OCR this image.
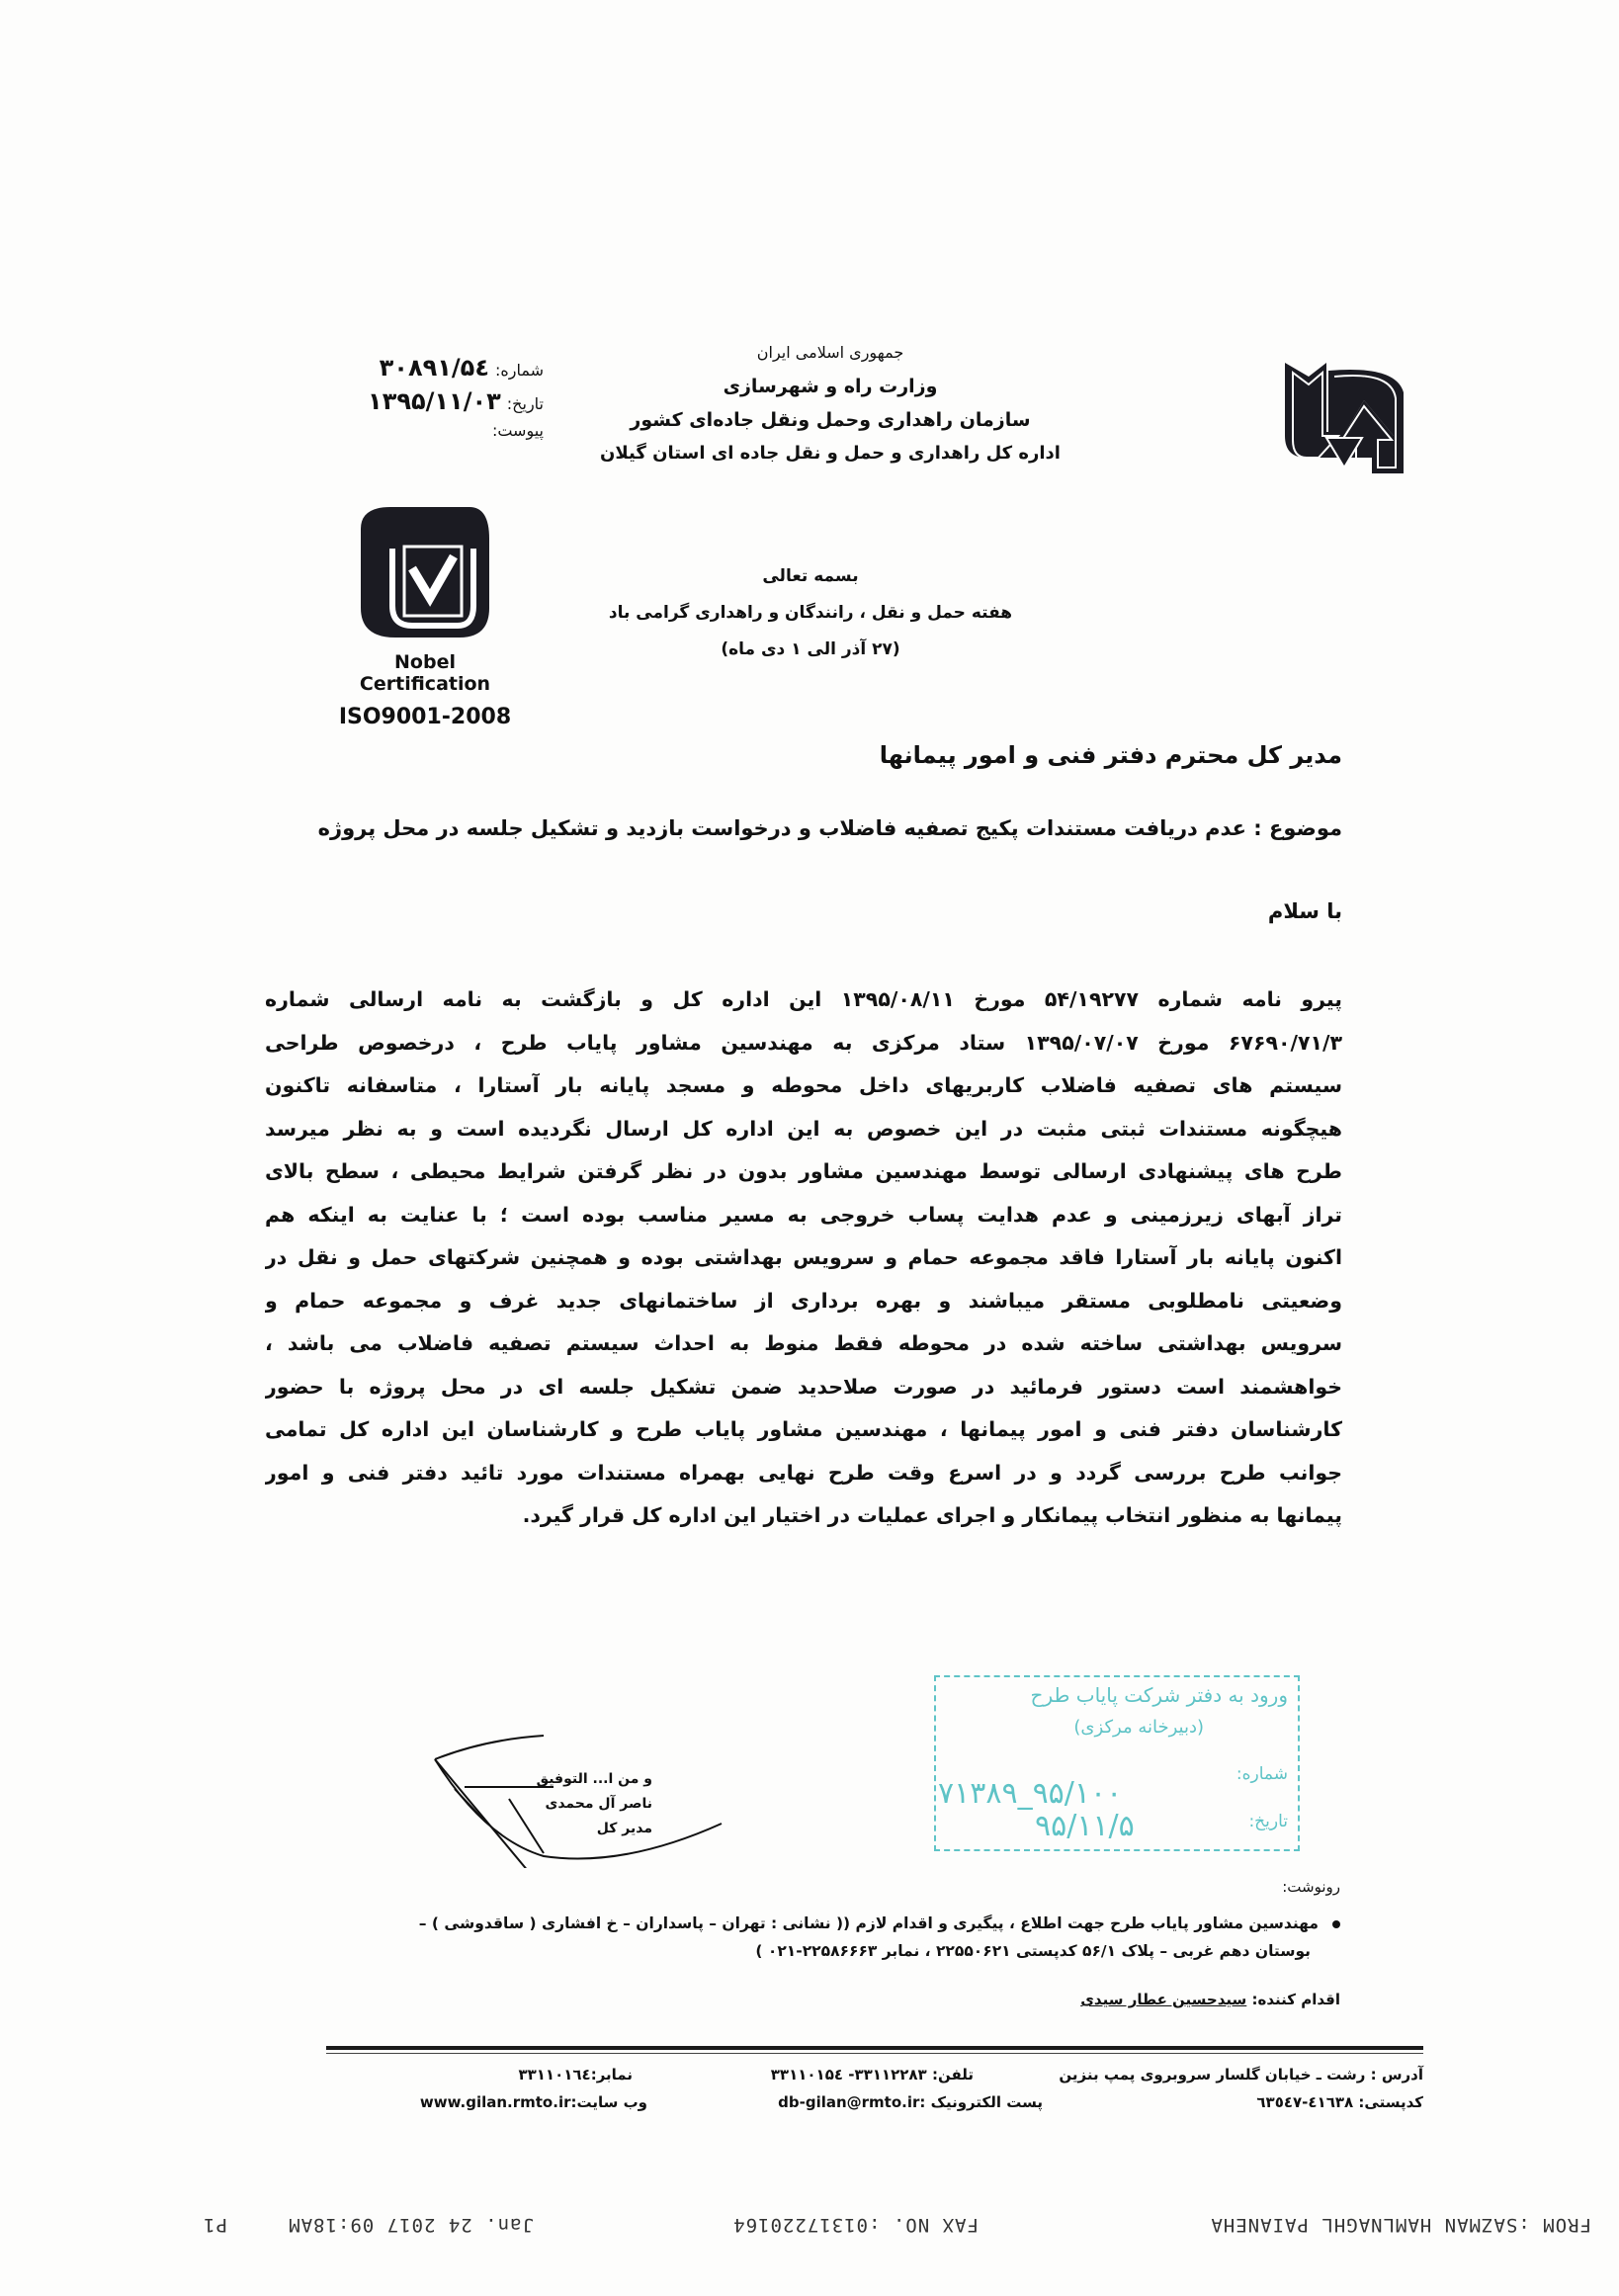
جمهوری اسلامی ایران
وزارت راه و شهرسازی
سازمان راهداری وحمل ونقل جاده‌ای کشور
اداره کل راهداری و حمل و نقل جاده ای استان گیلان
شماره:
۵٤/۳۰۸۹۱
تاریخ:
۱۳۹۵/۱۱/۰۳
پیوست:
Nobel
Certification
ISO9001-2008
بسمه تعالی
هفته حمل و نقل ، رانندگان و راهداری گرامی باد
(۲۷ آذر الی ۱ دی ماه)
مدیر کل محترم دفتر فنی و امور پیمانها
موضوع : عدم دریافت مستندات پکیج تصفیه فاضلاب و درخواست بازدید و تشکیل جلسه در محل پروژه
با سلام
پیرو نامه شماره ۵۴/۱۹۲۷۷ مورخ ۱۳۹۵/۰۸/۱۱ این اداره کل و بازگشت به نامه ارسالی شماره
۶۷۶۹۰/۷۱/۳ مورخ ۱۳۹۵/۰۷/۰۷ ستاد مرکزی به مهندسین مشاور پایاب طرح ، درخصوص طراحی
سیستم های تصفیه فاضلاب کاربریهای داخل محوطه و مسجد پایانه بار آستارا ، متاسفانه تاکنون
هیچگونه مستندات ثبتی مثبت در این خصوص به این اداره کل ارسال نگردیده است و به نظر میرسد
طرح های پیشنهادی ارسالی توسط مهندسین مشاور بدون در نظر گرفتن شرایط محیطی ، سطح بالای
تراز آبهای زیرزمینی و عدم هدایت پساب خروجی به مسیر مناسب بوده است ؛ با عنایت به اینکه هم
اکنون پایانه بار آستارا فاقد مجموعه حمام و سرویس بهداشتی بوده و همچنین شرکتهای حمل و نقل در
وضعیتی نامطلوبی مستقر میباشند و بهره برداری از ساختمانهای جدید غرف و مجموعه حمام و
سرویس بهداشتی ساخته شده در محوطه فقط منوط به احداث سیستم تصفیه فاضلاب می باشد ،
خواهشمند است دستور فرمائید در صورت صلاحدید ضمن تشکیل جلسه ای در محل پروژه با حضور
کارشناسان دفتر فنی و امور پیمانها ، مهندسین مشاور پایاب طرح و کارشناسان این اداره کل تمامی
جوانب طرح بررسی گردد و در اسرع وقت طرح نهایی بهمراه مستندات مورد تائید دفتر فنی و امور
پیمانها به منظور انتخاب پیمانکار و اجرای عملیات در اختیار این اداره کل قرار گیرد.
ورود به دفتر شرکت پایاب طرح
(دبیرخانه مرکزی)
شماره:
۷۱۳۸۹_۹۵/۱۰۰
تاریخ:
۹۵/۱۱/۵
و من ا... التوفیق
ناصر آل محمدی
مدیر کل
رونوشت:
مهندسین مشاور پایاب طرح جهت اطلاع ، پیگیری و اقدام لازم (( نشانی : تهران – پاسداران – خ افشاری ( ساقدوشی ) –
بوستان دهم غربی – پلاک ۵۶/۱ کدپستی ۲۲۵۵۰۶۲۱ ، نمابر ۲۲۵۸۶۶۶۳-۰۲۱ )
اقدام کننده: سیدحسین عطار سیدی
آدرس : رشت ـ خیابان گلسار سروبروی پمپ بنزین
تلفن: ۳۳۱۱۲۲۸۳- ۳۳۱۱۰۱۵٤
نمابر:۳۳۱۱۰۱٦٤
کدپستی: ٤١٦٣٨-٦٣٥٤٧
پست الکترونیک :db-gilan@rmto.ir
وب سایت:www.gilan.rmto.ir
FROM :SAZMAN HAMLNAGHL PAIANEHA
FAX NO. :01317220164
Jan. 24 2017 09:18AM
P1
